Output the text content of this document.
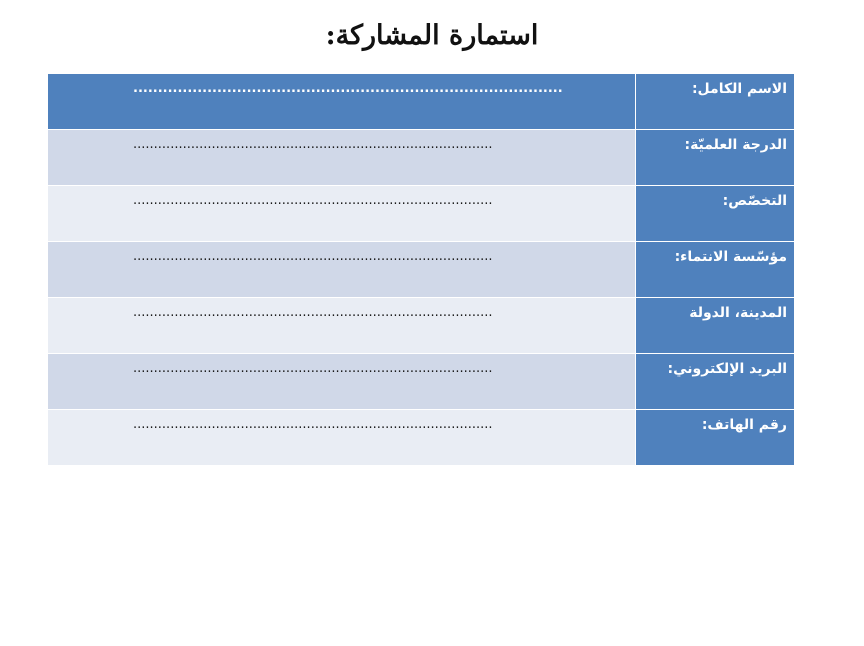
استمارة المشاركة:
الاسم الكامل:	.......................................................................................

الدرجة العلميّة:	.......................................................................................

التخصّص:	.......................................................................................

مؤسّسة الانتماء:	.......................................................................................

المدينة، الدولة	.......................................................................................

البريد الإلكتروني:	.......................................................................................

رقم الهاتف:	.......................................................................................
